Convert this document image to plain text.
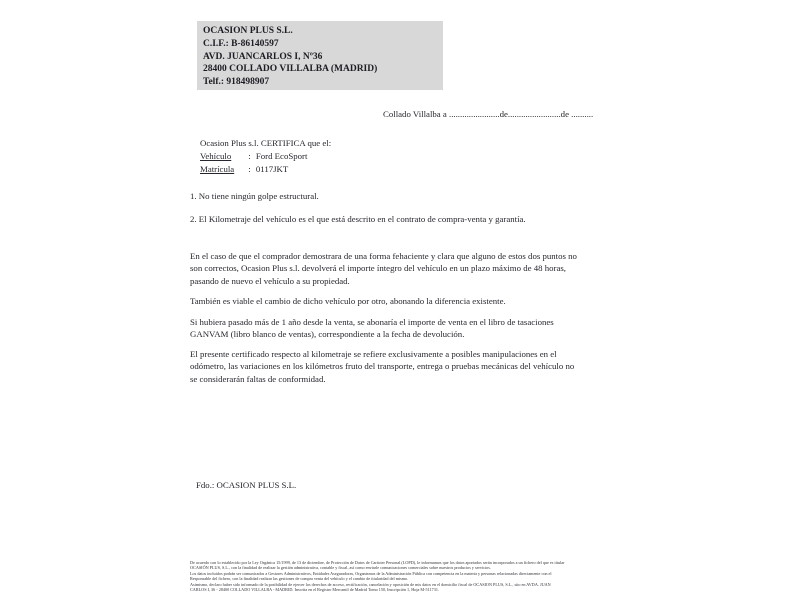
OCASION PLUS S.L.
C.I.F.: B-86140597
AVD. JUANCARLOS I, Nº36
28400 COLLADO VILLALBA (MADRID)
Telf.: 918498907
Collado Villalba a .......................de........................de ..........
Ocasion Plus s.l. CERTIFICA que el:
Vehículo : Ford EcoSport
Matrícula : 0117JKT
1. No tiene ningún golpe estructural.
2. El Kilometraje del vehículo es el que está descrito en el contrato de compra-venta y garantía.
En el caso de que el comprador demostrara de una forma fehaciente y clara que alguno de estos dos puntos no
son correctos, Ocasion Plus s.l. devolverá el importe íntegro del vehículo en un plazo máximo de 48 horas,
pasando de nuevo el vehículo a su propiedad.
También es viable el cambio de dicho vehículo por otro, abonando la diferencia existente.
Si hubiera pasado más de 1 año desde la venta, se abonaría el importe de venta en el libro de tasaciones
GANVAM (libro blanco de ventas), correspondiente a la fecha de devolución.
El presente certificado respecto al kilometraje se refiere exclusivamente a posibles manipulaciones en el
odómetro, las variaciones en los kilómetros fruto del transporte, entrega o pruebas mecánicas del vehículo no
se considerarán faltas de conformidad.
Fdo.: OCASION PLUS S.L.
De acuerdo con lo establecido por la Ley Orgánica 15/1999, de 13 de diciembre, de Protección de Datos de Carácter Personal (LOPD), le informamos que los datos aportados serán incorporados a un fichero del que es titular
OCASIÓN PLUS, S.L., con la finalidad de realizar la gestión administrativa, contable y fiscal, así como enviarle comunicaciones comerciales sobre nuestros productos y servicios.
Los datos incluidos podrán ser comunicados a Gestores Administrativos, Entidades Aseguradoras, Organismos de la Administración Pública con competencia en la materia y personas relacionadas directamente con el
Responsable del fichero, con la finalidad realizar las gestiones de compra venta del vehículo y el cambio de titularidad del mismo.
Asimismo, declaro haber sido informado de la posibilidad de ejercer los derechos de acceso, rectificación, cancelación y oposición de mis datos en el domicilio fiscal de OCASION PLUS, S.L., sito en AVDA. JUAN
CARLOS I, 36 - 28400 COLLADO VILLALBA - MADRID. Inscrita en el Registro Mercantil de Madrid Tomo 150, Inscripción 1, Hoja M-511731.
